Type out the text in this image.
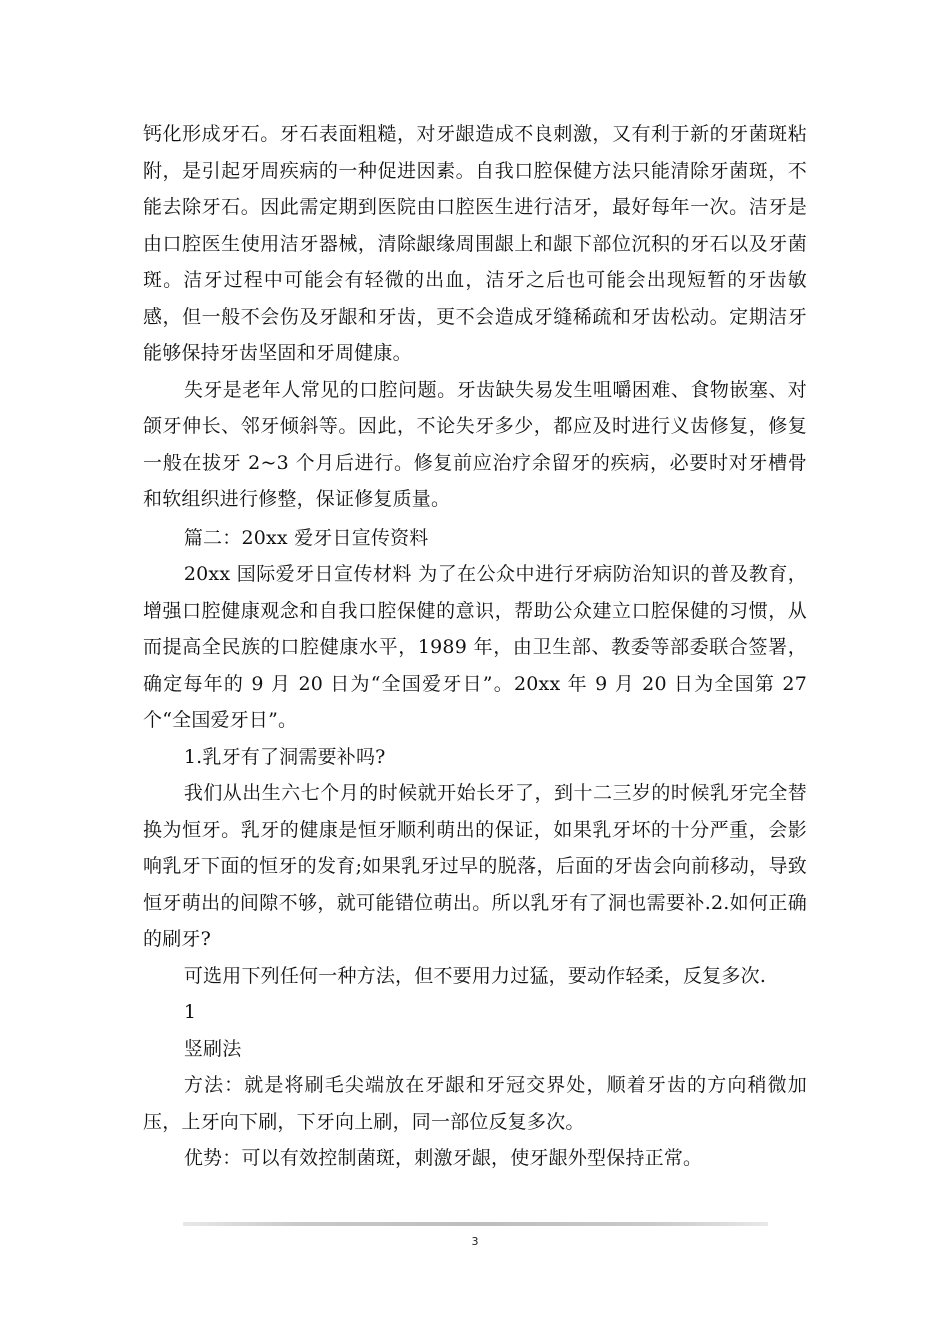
钙化形成牙石。牙石表面粗糙，对牙龈造成不良刺激，又有利于新的牙菌斑粘附，是引起牙周疾病的一种促进因素。自我口腔保健方法只能清除牙菌斑，不能去除牙石。因此需定期到医院由口腔医生进行洁牙，最好每年一次。洁牙是由口腔医生使用洁牙器械，清除龈缘周围龈上和龈下部位沉积的牙石以及牙菌斑。洁牙过程中可能会有轻微的出血，洁牙之后也可能会出现短暂的牙齿敏感，但一般不会伤及牙龈和牙齿，更不会造成牙缝稀疏和牙齿松动。定期洁牙能够保持牙齿坚固和牙周健康。

失牙是老年人常见的口腔问题。牙齿缺失易发生咀嚼困难、食物嵌塞、对颌牙伸长、邻牙倾斜等。因此，不论失牙多少，都应及时进行义齿修复，修复一般在拔牙 2~3 个月后进行。修复前应治疗余留牙的疾病，必要时对牙槽骨和软组织进行修整，保证修复质量。

篇二：20xx 爱牙日宣传资料

20xx 国际爱牙日宣传材料 为了在公众中进行牙病防治知识的普及教育，增强口腔健康观念和自我口腔保健的意识，帮助公众建立口腔保健的习惯，从而提高全民族的口腔健康水平，1989 年，由卫生部、教委等部委联合签署，确定每年的 9 月 20 日为“全国爱牙日”。20xx 年 9 月 20 日为全国第 27 个“全国爱牙日”。

1.乳牙有了洞需要补吗?

我们从出生六七个月的时候就开始长牙了，到十二三岁的时候乳牙完全替换为恒牙。乳牙的健康是恒牙顺利萌出的保证，如果乳牙坏的十分严重，会影响乳牙下面的恒牙的发育;如果乳牙过早的脱落，后面的牙齿会向前移动，导致恒牙萌出的间隙不够，就可能错位萌出。所以乳牙有了洞也需要补.2.如何正确的刷牙?

可选用下列任何一种方法，但不要用力过猛，要动作轻柔，反复多次.

1

竖刷法

方法：就是将刷毛尖端放在牙龈和牙冠交界处，顺着牙齿的方向稍微加压，上牙向下刷，下牙向上刷，同一部位反复多次。

优势：可以有效控制菌斑，刺激牙龈，使牙龈外型保持正常。

3
